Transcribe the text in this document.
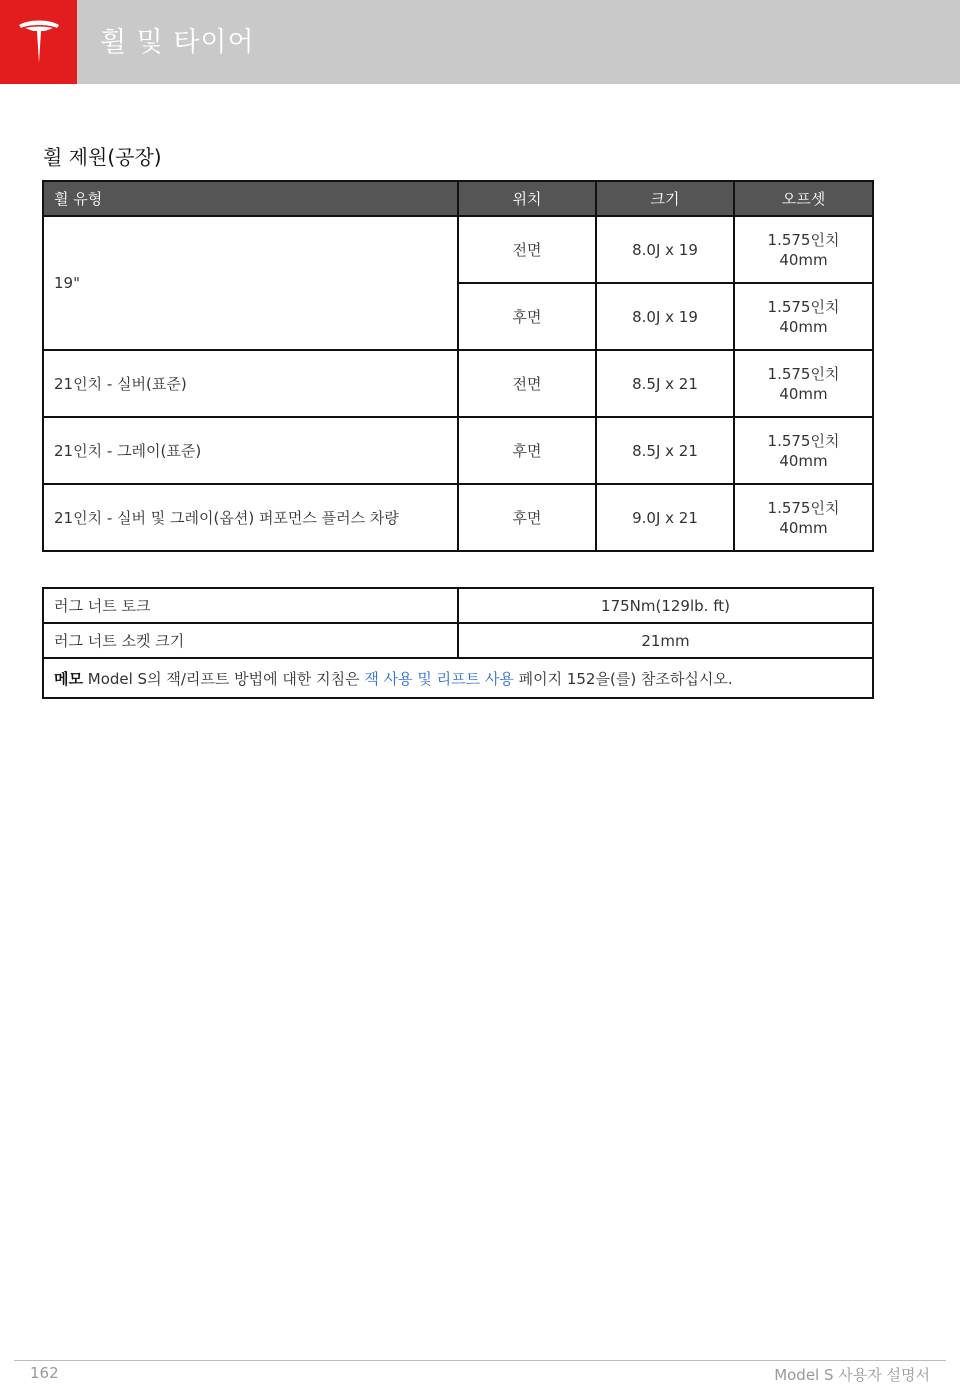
휠 및 타이어
휠 제원(공장)
휠 유형	위치	크기	오프셋
19"	전면	8.0J x 19	1.575인치
40mm

	후면	8.0J x 19	1.575인치
40mm

21인치 - 실버(표준)	전면	8.5J x 21	1.575인치
40mm

21인치 - 그레이(표준)	후면	8.5J x 21	1.575인치
40mm

21인치 - 실버 및 그레이(옵션) 퍼포먼스 플러스 차량	후면	9.0J x 21	1.575인치
40mm
러그 너트 토크	175Nm(129lb. ft)
러그 너트 소켓 크기	21mm
메모 Model S의 잭/리프트 방법에 대한 지침은 잭 사용 및 리프트 사용 페이지 152을(를) 참조하십시오.	
162	Model S 사용자 설명서
